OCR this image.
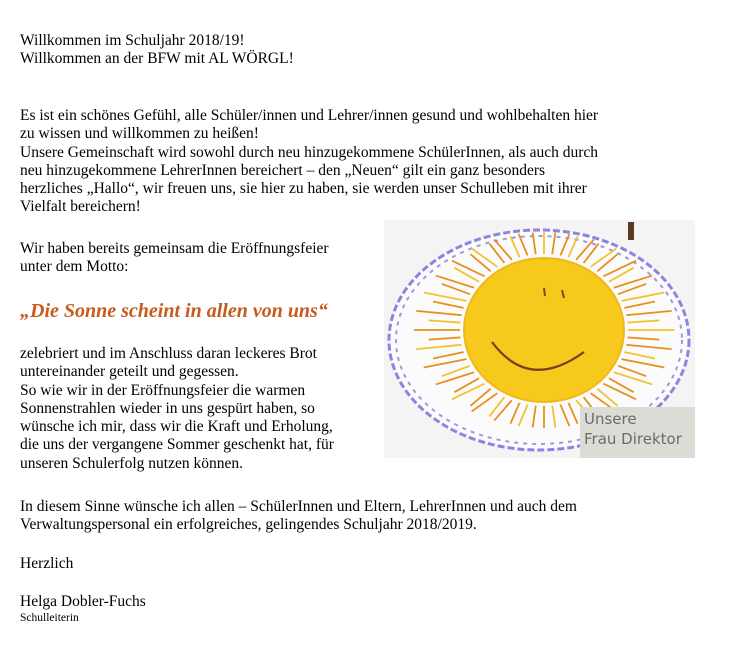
Willkommen im Schuljahr 2018/19!
Willkommen an der BFW mit AL WÖRGL!
Es ist ein schönes Gefühl, alle Schüler/innen und Lehrer/innen gesund und wohlbehalten hier
zu wissen und willkommen zu heißen!
Unsere Gemeinschaft wird sowohl durch neu hinzugekommene SchülerInnen, als auch durch
neu hinzugekommene LehrerInnen bereichert – den „Neuen“ gilt ein ganz besonders
herzliches „Hallo“, wir freuen uns, sie hier zu haben, sie werden unser Schulleben mit ihrer
Vielfalt bereichern!
Wir haben bereits gemeinsam die Eröffnungsfeier
unter dem Motto:
„Die Sonne scheint in allen von uns“
zelebriert und im Anschluss daran leckeres Brot
untereinander geteilt und gegessen.
So wie wir in der Eröffnungsfeier die warmen
Sonnenstrahlen wieder in uns gespürt haben, so
wünsche ich mir, dass wir die Kraft und Erholung,
die uns der vergangene Sommer geschenkt hat, für
unseren Schulerfolg nutzen können.
In diesem Sinne wünsche ich allen – SchülerInnen und Eltern, LehrerInnen und auch dem
Verwaltungspersonal ein erfolgreiches, gelingendes Schuljahr 2018/2019.
Herzlich
Helga Dobler-Fuchs
Schulleiterin
Unsere
Frau Direktor
